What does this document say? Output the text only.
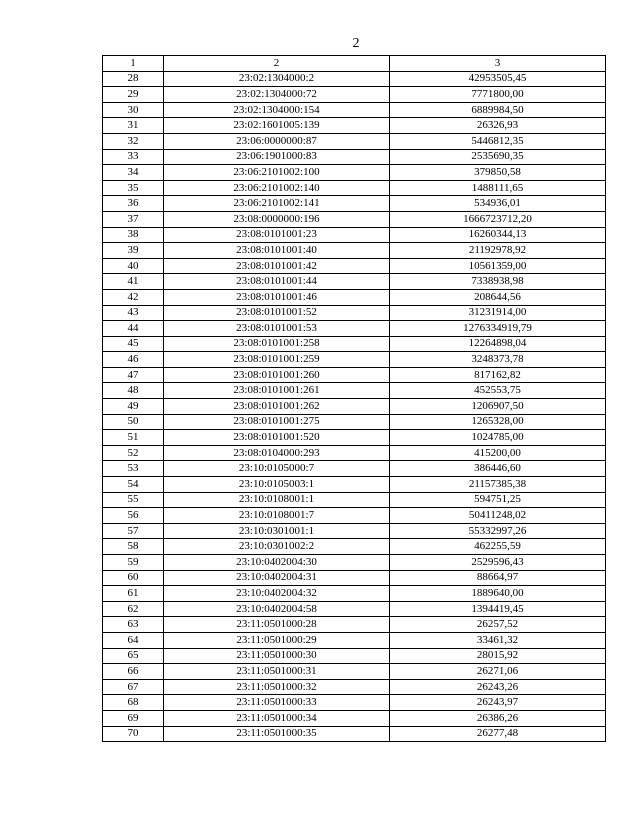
2
1	2	3
28	23:02:1304000:2	42953505,45
29	23:02:1304000:72	7771800,00
30	23:02:1304000:154	6889984,50
31	23:02:1601005:139	26326,93
32	23:06:0000000:87	5446812,35
33	23:06:1901000:83	2535690,35
34	23:06:2101002:100	379850,58
35	23:06:2101002:140	1488111,65
36	23:06:2101002:141	534936,01
37	23:08:0000000:196	1666723712,20
38	23:08:0101001:23	16260344,13
39	23:08:0101001:40	21192978,92
40	23:08:0101001:42	10561359,00
41	23:08:0101001:44	7338938,98
42	23:08:0101001:46	208644,56
43	23:08:0101001:52	31231914,00
44	23:08:0101001:53	1276334919,79
45	23:08:0101001:258	12264898,04
46	23:08:0101001:259	3248373,78
47	23:08:0101001:260	817162,82
48	23:08:0101001:261	452553,75
49	23:08:0101001:262	1206907,50
50	23:08:0101001:275	1265328,00
51	23:08:0101001:520	1024785,00
52	23:08:0104000:293	415200,00
53	23:10:0105000:7	386446,60
54	23:10:0105003:1	21157385,38
55	23:10:0108001:1	594751,25
56	23:10:0108001:7	50411248,02
57	23:10:0301001:1	55332997,26
58	23:10:0301002:2	462255,59
59	23:10:0402004:30	2529596,43
60	23:10:0402004:31	88664,97
61	23:10:0402004:32	1889640,00
62	23:10:0402004:58	1394419,45
63	23:11:0501000:28	26257,52
64	23:11:0501000:29	33461,32
65	23:11:0501000:30	28015,92
66	23:11:0501000:31	26271,06
67	23:11:0501000:32	26243,26
68	23:11:0501000:33	26243,97
69	23:11:0501000:34	26386,26
70	23:11:0501000:35	26277,48
